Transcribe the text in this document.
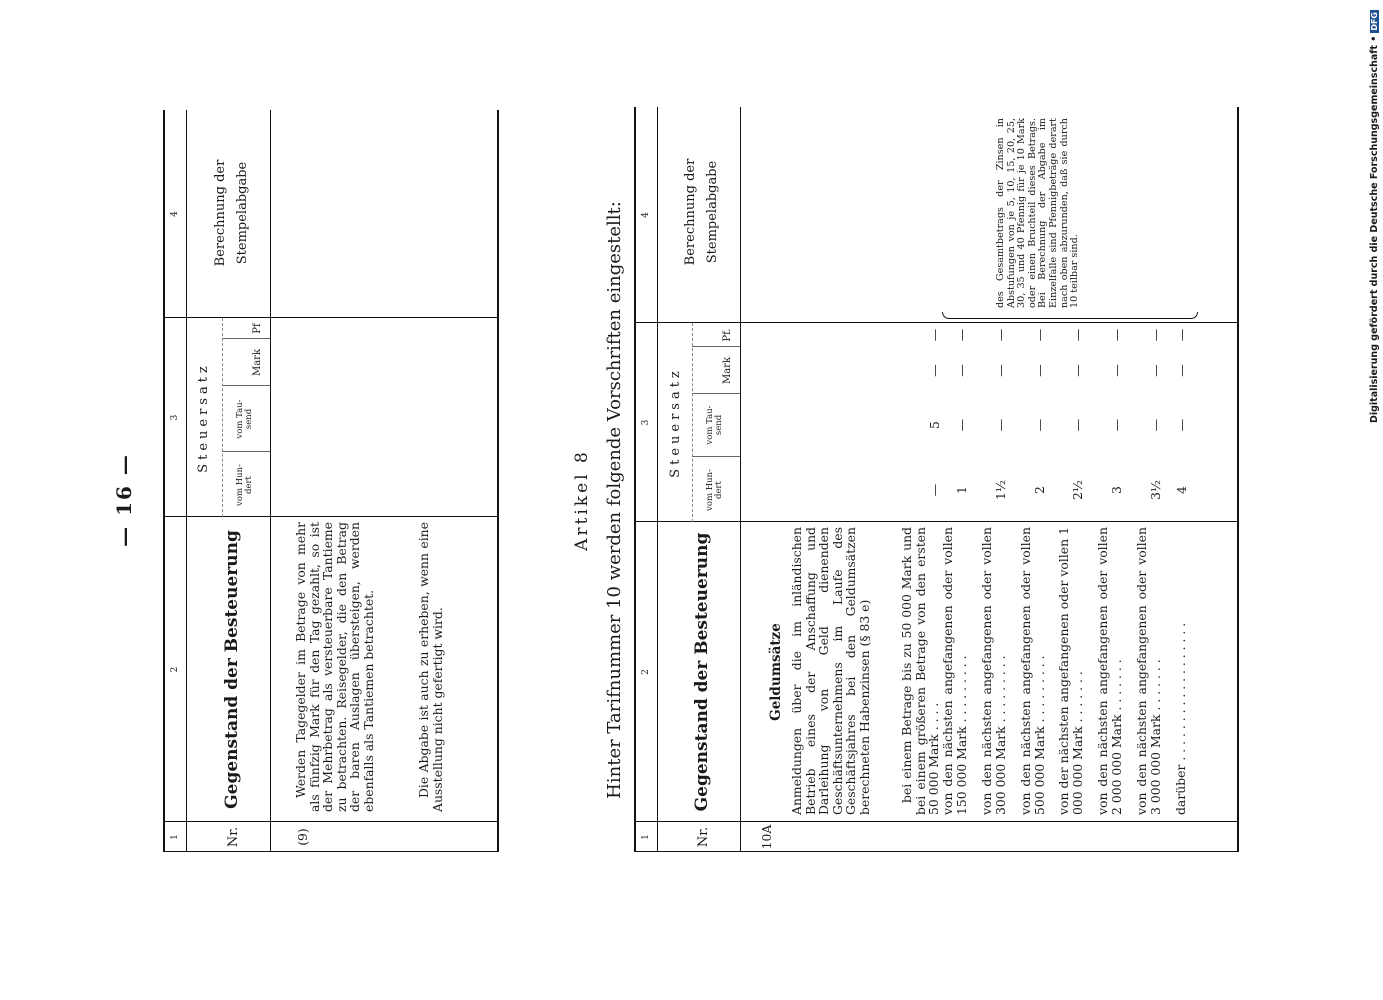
— 16 —
1
2
3
4
Nr.
Gegenstand der Besteuerung
Steuersatz
vom Hun-dert
vom Tau-send
Mark
Pf
Berechnung der Stempelabgabe
(9)
Werden Tagegelder im Betrage von mehr als fünfzig Mark für den Tag gezahlt, so ist der Mehrbetrag als versteuerbare Tantieme zu betrachten. Reisegelder, die den Betrag der baren Auslagen übersteigen, werden ebenfalls als Tantiemen betrachtet.	Die Abgabe ist auch zu erheben, wenn eine Ausstellung nicht gefertigt wird.
Artikel 8 Hinter Tarifnummer 10 werden folgende Vorschriften eingestellt:
1
2
3
4
Nr.
Gegenstand der Besteuerung
Steuersatz
vom Hun-dert
vom Tau-send
Mark
Pf.
Berechnung der Stempelabgabe
10A
Geldumsätze Anmeldungen über die im inländischen Betrieb eines der Anschaffung und Darleihung von Geld dienenden Geschäftsunternehmens im Laufe des Geschäftsjahres bei den Geldumsätzen berechneten Habenzinsen (§ 83 e) bei einem Betrage bis zu 50 000 Mark und bei einem größeren Betrage von den ersten 50 000 Mark . . . .
von den nächsten angefangenen oder vollen 150 000 Mark . . . . . . . . . von den nächsten angefangenen oder vollen 300 000 Mark . . . . . . . . . von den nächsten angefangenen oder vollen 500 000 Mark . . . . . . . . . von der nächsten angefangenen oder vollen 1 000 000 Mark . . . . . . . von den nächsten angefangenen oder vollen 2 000 000 Mark . . . . . . . von den nächsten angefangenen oder vollen 3 000 000 Mark . . . . . . . darüber . . . . . . . . . . . . . . . . . .
— 1 1½ 2 2½ 3 3½ 4
5 — — — — — — —
— — — — — — — —
— — — — — — — —
des Gesamtbetrags der Zinsen in Abstufungen von je 5, 10, 15, 20, 25, 30, 35 und 40 Pfennig für je 10 Mark oder einen Bruchteil dieses Betrags. Bei Berechnung der Abgabe im Einzelfalle sind Pfennigbeträge derart nach oben abzurunden, daß sie durch 10 teilbar sind.	Digitalisierung gefördert durch die Deutsche Forschungsgemeinschaft •
DFG
